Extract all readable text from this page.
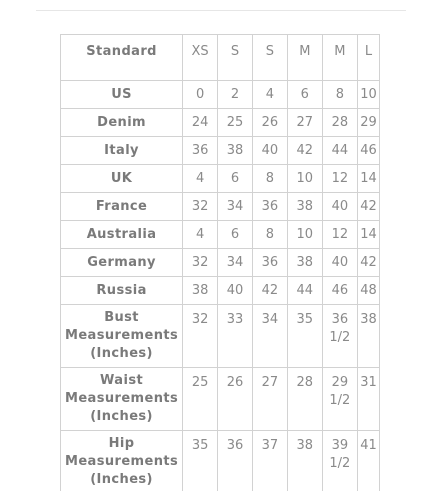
Standard	XS	S	S	M	M	L
US	0	2	4	6	8	10
Denim	24	25	26	27	28	29
Italy	36	38	40	42	44	46
UK	4	6	8	10	12	14
France	32	34	36	38	40	42
Australia	4	6	8	10	12	14
Germany	32	34	36	38	40	42
Russia	38	40	42	44	46	48
Bust Measurements (Inches)	32	33	34	35	36 1/2	38
Waist Measurements (Inches)	25	26	27	28	29 1/2	31
Hip Measurements (Inches)	35	36	37	38	39 1/2	41
